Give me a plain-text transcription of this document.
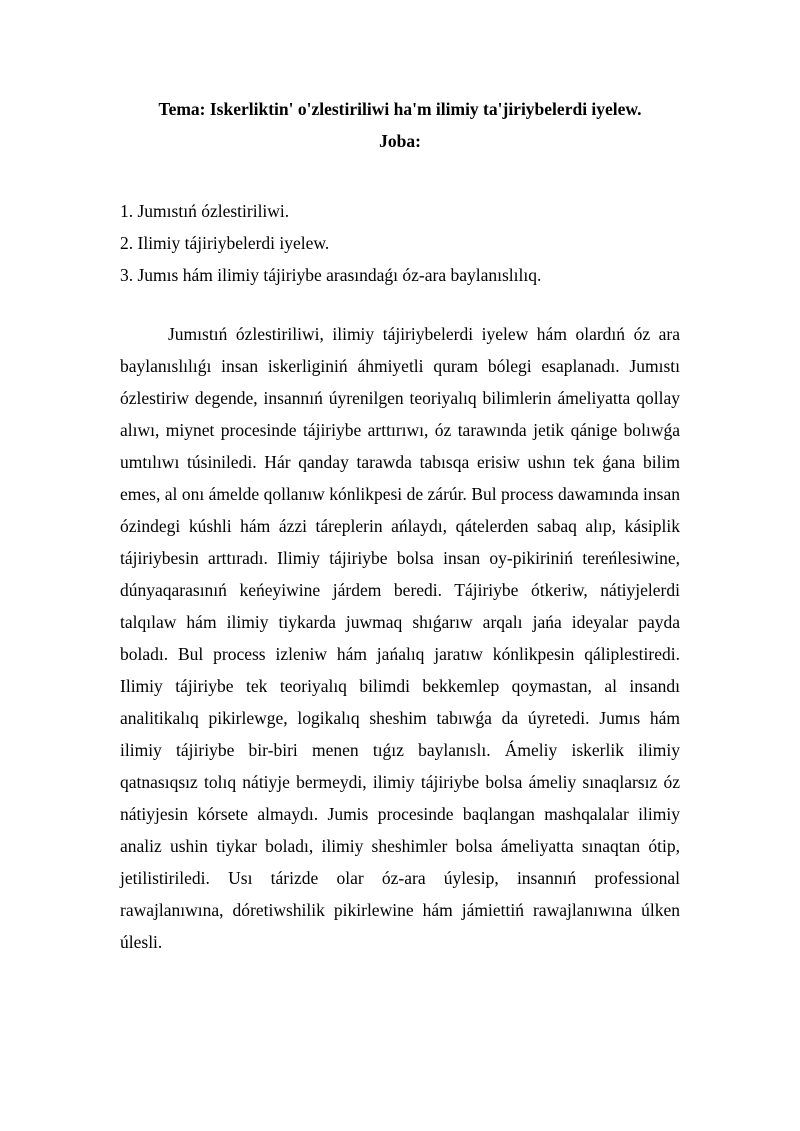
Tema: Iskerliktin' o'zlestiriliwi ha'm ilimiy ta'jiriybelerdi iyelew.
Joba:
1. Jumıstıń ózlestiriliwi.
2. Ilimiy tájiriybelerdi iyelew.
3. Jumıs hám ilimiy tájiriybe arasındaǵı óz-ara baylanıslılıq.

Jumıstıń ózlestiriliwi, ilimiy tájiriybelerdi iyelew hám olardıń óz ara baylanıslılıǵı insan iskerliginiń áhmiyetli quram bólegi esaplanadı. Jumıstı ózlestiriw degende, insannıń úyrenilgen teoriyalıq bilimlerin ámeliyatta qollay alıwı, miynet procesinde tájiriybe arttırıwı, óz tarawında jetik qánige bolıwǵa umtılıwı túsiniledi. Hár qanday tarawda tabısqa erisiw ushın tek ǵana bilim emes, al onı ámelde qollanıw kónlikpesi de zárúr. Bul process dawamında insan ózindegi kúshli hám ázzi táreplerin ańlaydı, qátelerden sabaq alıp, kásiplik tájiriybesin arttıradı. Ilimiy tájiriybe bolsa insan oy-pikiriniń tereńlesiwine, dúnyaqarasınıń keńeyiwine járdem beredi. Tájiriybe ótkeriw, nátiyjelerdi talqılaw hám ilimiy tiykarda juwmaq shıǵarıw arqalı jańa ideyalar payda boladı. Bul process izleniw hám jańalıq jaratıw kónlikpesin qáliplestiredi. Ilimiy tájiriybe tek teoriyalıq bilimdi bekkemlep qoymastan, al insandı analitikalıq pikirlewge, logikalıq sheshim tabıwǵa da úyretedi. Jumıs hám ilimiy tájiriybe bir-biri menen tıǵız baylanıslı. Ámeliy iskerlik ilimiy qatnasıqsız tolıq nátiyje bermeydi, ilimiy tájiriybe bolsa ámeliy sınaqlarsız óz nátiyjesin kórsete almaydı. Jumis procesinde baqlangan mashqalalar ilimiy analiz ushin tiykar boladı, ilimiy sheshimler bolsa ámeliyatta sınaqtan ótip, jetilistiriledi. Usı tárizde olar óz-ara úylesip, insannıń professional rawajlanıwına, dóretiwshilik pikirlewine hám jámiettiń rawajlanıwına úlken úlesli.
